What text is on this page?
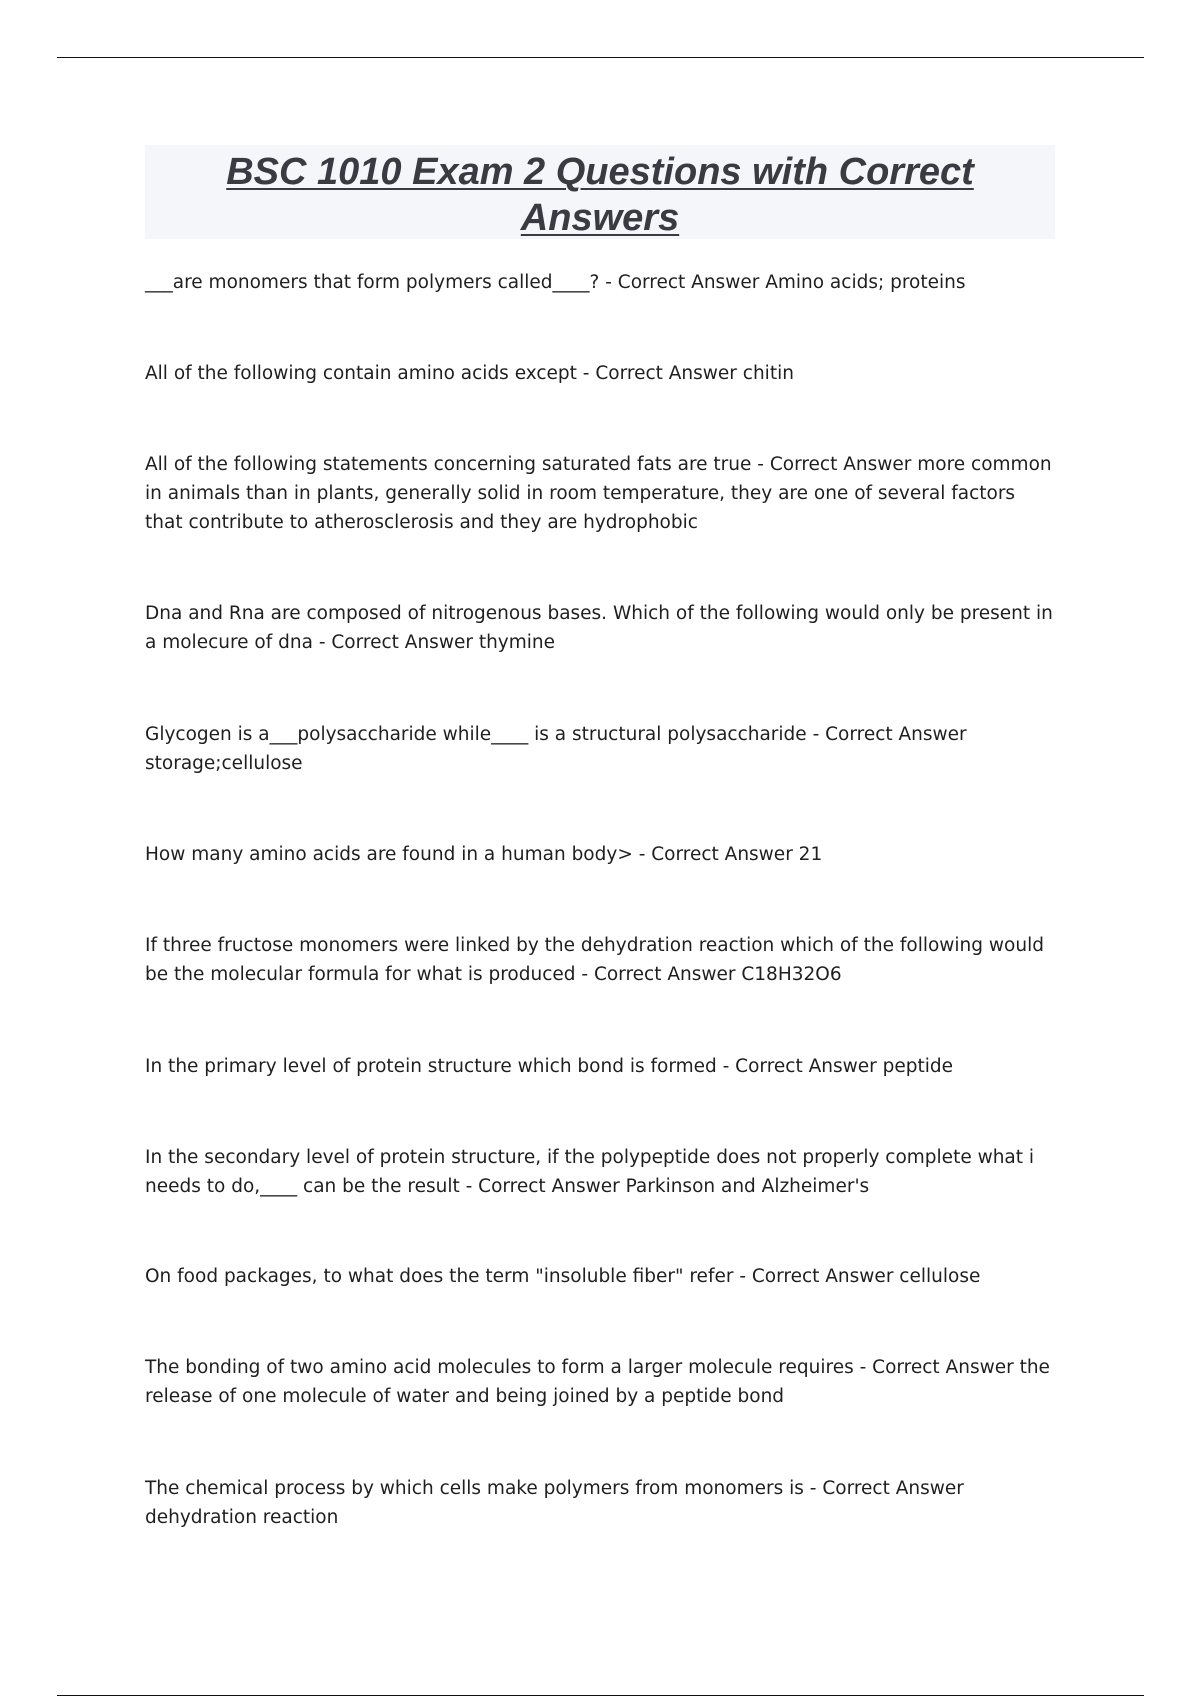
BSC 1010 Exam 2 Questions with Correct Answers

___are monomers that form polymers called____? - Correct Answer Amino acids; proteins

All of the following contain amino acids except - Correct Answer chitin

All of the following statements concerning saturated fats are true - Correct Answer more common in animals than in plants, generally solid in room temperature, they are one of several factors that contribute to atherosclerosis and they are hydrophobic

Dna and Rna are composed of nitrogenous bases. Which of the following would only be present in a molecure of dna - Correct Answer thymine

Glycogen is a___polysaccharide while____ is a structural polysaccharide - Correct Answer storage;cellulose

How many amino acids are found in a human body> - Correct Answer 21

If three fructose monomers were linked by the dehydration reaction which of the following would be the molecular formula for what is produced - Correct Answer C18H32O6

In the primary level of protein structure which bond is formed - Correct Answer peptide

In the secondary level of protein structure, if the polypeptide does not properly complete what i needs to do,____ can be the result - Correct Answer Parkinson and Alzheimer's

On food packages, to what does the term "insoluble fiber" refer - Correct Answer cellulose

The bonding of two amino acid molecules to form a larger molecule requires - Correct Answer the release of one molecule of water and being joined by a peptide bond

The chemical process by which cells make polymers from monomers is - Correct Answer dehydration reaction
